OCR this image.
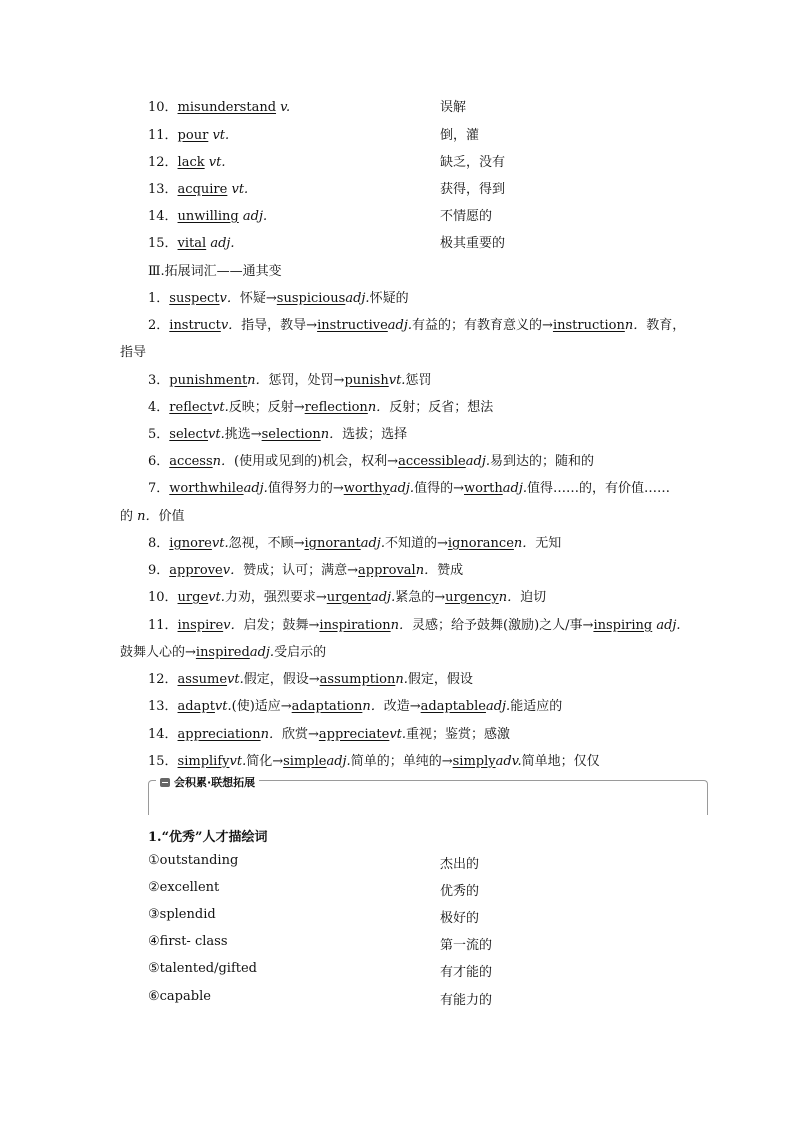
10．misunderstand v.	误解
11．pour vt.	倒，灌
12．lack vt.	缺乏，没有
13．acquire vt.	获得，得到
14．unwilling adj.	不情愿的
15．vital adj.	极其重要的
Ⅲ.拓展词汇——通其变
1．suspectv．怀疑→suspiciousadj.怀疑的
2．instructv．指导，教导→instructiveadj.有益的；有教育意义的→instructionn．教育，
指导
3．punishmentn．惩罚，处罚→punishvt.惩罚
4．reflectvt.反映；反射→reflectionn．反射；反省；想法
5．selectvt.挑选→selectionn．选拔；选择
6．accessn．(使用或见到的)机会，权利→accessibleadj.易到达的；随和的
7．worthwhileadj.值得努力的→worthyadj.值得的→worthadj.值得……的，有价值……
的 n．价值
8．ignorevt.忽视，不顾→ignorantadj.不知道的→ignorancen．无知
9．approvev．赞成；认可；满意→approvaln．赞成
10．urgevt.力劝，强烈要求→urgentadj.紧急的→urgencyn．迫切
11．inspirev．启发；鼓舞→inspirationn．灵感；给予鼓舞(激励)之人/事→inspiring adj.
鼓舞人心的→inspiredadj.受启示的
12．assumevt.假定，假设→assumptionn.假定，假设
13．adaptvt.(使)适应→adaptationn．改造→adaptableadj.能适应的
14．appreciationn．欣赏→appreciatevt.重视；鉴赏；感激
15．simplifyvt.简化→simpleadj.简单的；单纯的→simplyadv.简单地；仅仅
会积累·联想拓展
1.“优秀”人才描绘词
①outstanding	杰出的
②excellent	优秀的
③splendid	极好的
④first- class	第一流的
⑤talented/gifted	有才能的
⑥capable	有能力的
